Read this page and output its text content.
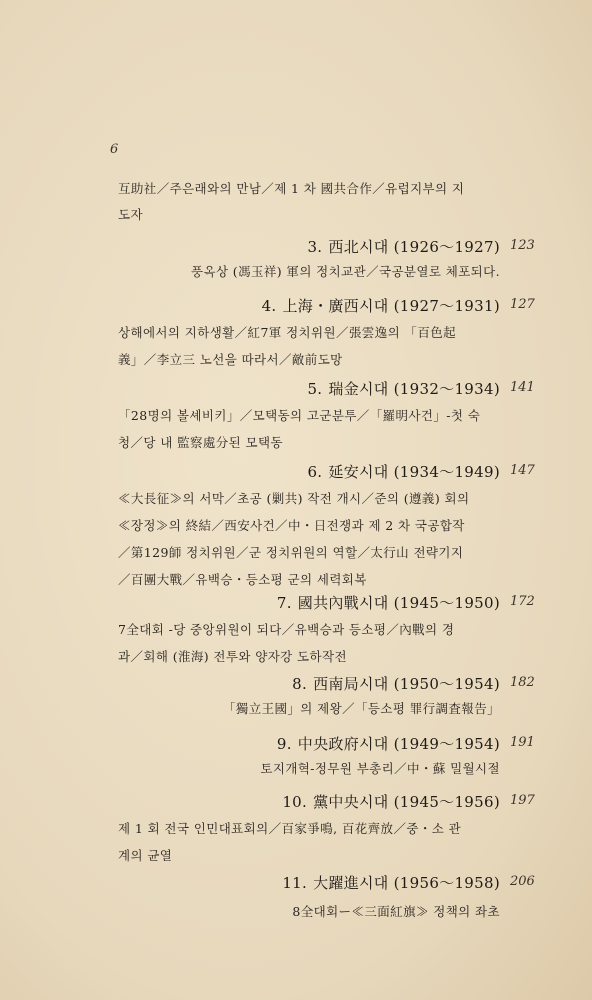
6

互助社／주은래와의 만남／제 1 차 國共合作／유럽지부의 지

도자

3. 西北시대 (1926～1927) 123

풍옥상 (馮玉祥) 軍의 정치교관／국공분열로 체포되다.

4. 上海・廣西시대 (1927～1931) 127

상해에서의 지하생활／紅7軍 정치위원／張雲逸의 「百色起

義」／李立三 노선을 따라서／敵前도망

5. 瑞金시대 (1932～1934) 141

「28명의 볼셰비키」／모택동의 고군분투／「羅明사건」-첫 숙

청／당 내 監察處分된 모택동

6. 延安시대 (1934～1949) 147

≪大長征≫의 서막／초공 (剿共) 작전 개시／준의 (遵義) 회의

≪장정≫의 終結／西安사건／中・日전쟁과 제 2 차 국공합작

／第129師 정치위원／군 정치위원의 역할／太行山 전략기지

／百團大戰／유백승・등소평 군의 세력회복

7. 國共內戰시대 (1945～1950) 172

7全대회 -당 중앙위원이 되다／유백승과 등소평／內戰의 경

과／회해 (淮海) 전투와 양자강 도하작전

8. 西南局시대 (1950～1954) 182

「獨立王國」의 제왕／「등소평 罪行調査報告」

9. 中央政府시대 (1949～1954) 191

토지개혁-정무원 부총리／中・蘇 밀월시절

10. 黨中央시대 (1945～1956) 197

제 1 회 전국 인민대표회의／百家爭鳴, 百花齊放／중・소 관

계의 균열

11. 大躍進시대 (1956～1958) 206

8全대회ー≪三面紅旗≫ 정책의 좌초
